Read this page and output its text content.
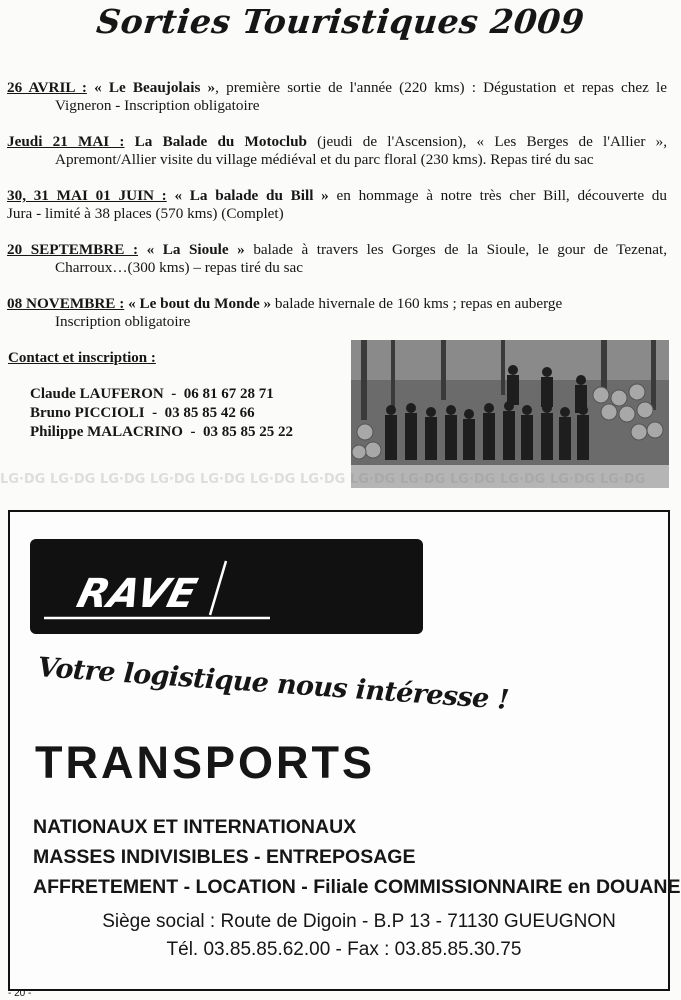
Sorties Touristiques 2009
26 AVRIL : « Le Beaujolais », première sortie de l'année (220 kms) : Dégustation et repas chez le
Vigneron - Inscription obligatoire
Jeudi 21 MAI : La Balade du Motoclub (jeudi de l'Ascension), « Les Berges de l'Allier »,
Apremont/Allier visite du village médiéval et du parc floral (230 kms). Repas tiré du sac
30, 31 MAI 01 JUIN : « La balade du Bill » en hommage à notre très cher Bill, découverte du
Jura - limité à 38 places (570 kms) (Complet)
20 SEPTEMBRE : « La Sioule » balade à travers les Gorges de la Sioule, le gour de Tezenat,
Charroux…(300 kms) – repas tiré du sac
08 NOVEMBRE : « Le bout du Monde » balade hivernale de 160 kms ; repas en auberge
Inscription obligatoire
Contact et inscription :
Claude LAUFERON  -  06 81 67 28 71
Bruno PICCIOLI  -  03 85 85 42 66
Philippe MALACRINO  -  03 85 85 25 22
LG·DG LG·DG LG·DG LG·DG LG·DG LG·DG LG·DG LG·DG LG·DG LG·DG LG·DG LG·DG LG·DG
RAVE
Votre logistique nous intéresse !
TRANSPORTS
NATIONAUX ET INTERNATIONAUX
MASSES INDIVISIBLES - ENTREPOSAGE
AFFRETEMENT - LOCATION - Filiale COMMISSIONNAIRE en DOUANE
Siège social : Route de Digoin - B.P 13 - 71130 GUEUGNON
Tél. 03.85.85.62.00 - Fax : 03.85.85.30.75
- 20 -
